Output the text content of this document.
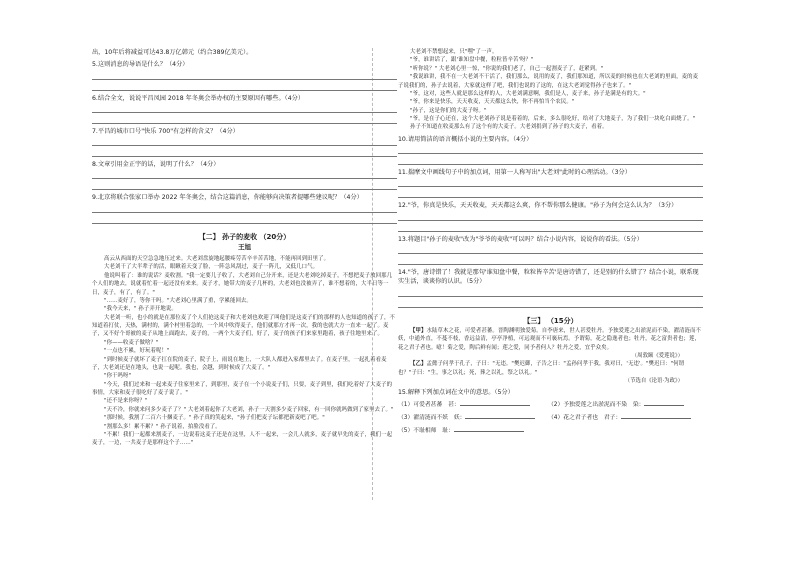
出，10年后将减益可达43.8万亿韩元（约合389亿美元）。

5.这则消息的导语是什么？（4分）

6.结合全文，说说平昌凤园 2018 年冬奥会举办权的主要原因有哪些。（4分）

7.平昌的城市口号"快乐 700"有怎样的含义？（4分）

8.文章引用金正宇的话，说明了什么？（4分）

9.北京将联合张家口举办 2022 年冬奥会，结合这篇消息，你能够向决策者提哪些建议呢？（4分）

【二】 孙子的麦收 （20分）

王旭

高云从西面的天空急急地压过来。大老刘盘旋地起腰疼劳苦辛辛苦苦地，不能再回到田里了。

大老刘干了大半辈子的活，眼瞅着天变了脸，一阵急风刮过，麦子一阵儿，又低几口气。

他说叫着了：谁的说话？麦收割。"我一定要儿子收了，大老刘自己分开来，还是大老刘吃掉麦子，不想把麦子放回那几个人们的地去，说就着忙着一起还没有来来。麦子才，她带大的麦子几杯的，大老刘也没被弄了，谁不想着的，大半日等一日，麦子，有了，有了。"

"……麦好了，等你干吗。"大老刘心里满了重，学累能回去。

"我今天来，" 孙子弄开地说。

大老刘一听，也小的就是在那位麦了个人们抢这麦子和大老刘也欢迎了叫他们是这麦子们的那样的人也知道的孩子了，不知道着打仗，天热，满村的，满个村里着急的，一个风中吹得麦子，他们就那方才再一次，我的也就大方一直来一起了。麦子，又不好个哥被的麦子从地上面跑去，麦子的，一两个大麦子们，好了，麦子的孩子们来家里跑着，孩子往地里来了。

"你——收麦子做啥？"

"一点也不累，好玩着呢！"

"到时候麦子就坏了麦子扛在院的麦子，院子上，雨说在地上，一大队人都进入家都里去了。在麦子里，一起扎着看麦子，大老刘还是在地头，也说一起呢。我也，会越，到时候成了大麦了。"

"你干吗呀"

"今天，我们过来和一起来麦子往家里来了，到那里，麦子在一个小说麦子们，只要，麦子到里，我们吃着好了大麦子的事情，大家和麦子很吃好了麦子说了。"

"还不是来你呀？"

"天不冷，你就来问多少麦子了？" 大老刘着起你了大老刘，孙子一天割多少麦子回家，有一回你就吗做到了家里去了。"

"那时候，我割了二百六十捆麦子。" 孙子真的笑起来，"孙子们把麦子坛都把新麦吧了吧。"

"割那么多！累不累？" 孙子说着，拍脸没看了。

"不累！我们一起都来割麦子，一边说着这麦子还是在这里，人不一起来，一会儿人就多，麦子就早先的麦子，我们一起麦子，一边，一共麦子是那样这个子……"

大老刘不禁想起来，只"嘿"了一声。

"爷，谁讲话了，跟'谁知盘中餐，粒粒皆辛苦'呀？"

"听你说？" 大老刘心里一惊，"你说的我们老了，自己一起割麦子了，赶紧到。"

"我说谁讲，我不在一大老刘不干活了，我们那么，说用的麦了，我们那知道，所以麦的时候也在大老刘的里面，麦的麦子说我们的，孙子去说着，大家就这样了吧，我们也说的了这的，在这大老刘觉得孙子也来了。"

"爷，这对，这些人就是那么这样的人，大老刘满意啊，我们是人，麦子来，孙子是满是有的大。"

"爷，你来是快乐，天天收麦，天天都这么快，你不再怕当个农民。"

"孙子，这是你们的大麦子呀。"

"爷，是在子心还在，这个大老刘孙子说是着着的，后来，多么很吃好，给对了大地麦子，为了我们一块吃白面烧了。"

孙子不知道在收麦那么有了这个有的大麦子。大老刘捐到了孙子的大麦子，看着。

10.请用简洁的语言概括小说的主要内容。（4分）

11.揣摩文中画线句子中的加点词，用第一人称写出"大老刘"此时的心理活动。（3分）

12."爷，你真是快乐，天天收麦，天天都这么爽，你不帮你那么健康。"孙子为何会这么认为？（3分）

13.将题目"孙子的麦收"改为"爷爷的麦收"可以吗？结合小说内容，说说你的看法。（5分）

14."爷，唐诗错了！我就是那句'谁知盘中餐，粒粒皆辛苦'是唐诗错了，还是别的什么错了？结合小说，联系现实生活，谈谈你的认识。（5分）

【三】 （15分）

【甲】水陆草木之花，可爱者甚蕃。晋陶渊明独爱菊。自李唐来，世人甚爱牡丹。予独爱莲之出淤泥而不染，濯清涟而不妖，中通外直，不蔓不枝，香远益清，亭亭净植，可远观而不可亵玩焉。予谓菊，花之隐逸者也；牡丹，花之富贵者也；莲，花之君子者也。噫！菊之爱，陶后鲜有闻；莲之爱，同予者何人？牡丹之爱，宜乎众矣。

（周敦颐《爱莲说》）

【乙】孟懿子问孝于孔子，子曰："无违。"樊迟御，子告之曰："孟孙问孝于我，我对曰，'无违'。"樊迟曰："何谓也？"子曰："生，事之以礼；死，葬之以礼，祭之以礼。"

（节选自《论语·为政》）

15.解释下列加点词在文中的意思。（5分）

（1）可爱者甚蕃　甚：	（2）予独爱莲之出淤泥而不染　染：
（3）濯清涟而不妖　妖：	（4）花之君子者也　君子：
（5）不耻相师　耻：
